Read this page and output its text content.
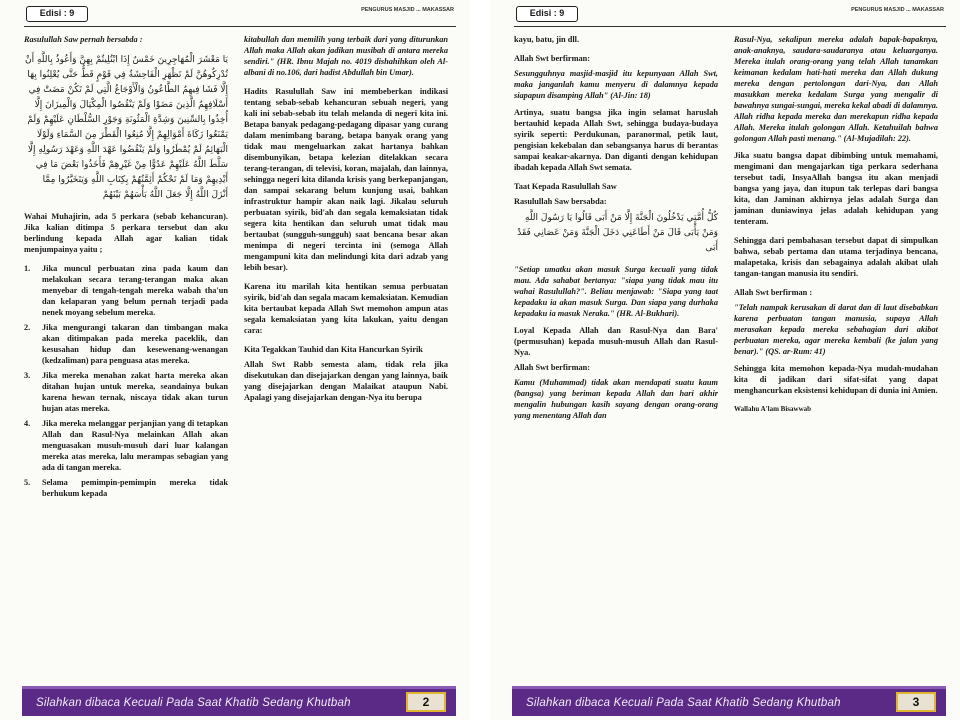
Edisi : 9	PENGURUS MASJID ... MAKASSAR
Rasulullah Saw pernah bersabda :
يَا مَعْشَرَ الْمُهَاجِرِينَ خَمْسٌ إِذَا ابْتُلِيتُمْ بِهِنَّ وَأَعُوذُ بِاللَّهِ أَنْ تُدْرِكُوهُنَّ لَمْ تَظْهَرِ الْفَاحِشَةُ فِي قَوْمٍ قَطُّ حَتَّى يُعْلِنُوا بِهَا إِلَّا فَشَا فِيهِمُ الطَّاعُونُ وَالْأَوْجَاعُ الَّتِي لَمْ تَكُنْ مَضَتْ فِي أَسْلَافِهِمُ الَّذِينَ مَضَوْا وَلَمْ يَنْقُصُوا الْمِكْيَالَ وَالْمِيزَانَ إِلَّا أُخِذُوا بِالسِّنِينَ وَشِدَّةِ الْمَئُونَةِ وَجَوْرِ السُّلْطَانِ عَلَيْهِمْ وَلَمْ يَمْنَعُوا زَكَاةَ أَمْوَالِهِمْ إِلَّا مُنِعُوا الْقَطْرَ مِنَ السَّمَاءِ وَلَوْلَا الْبَهَائِمُ لَمْ يُمْطَرُوا وَلَمْ يَنْقُضُوا عَهْدَ اللَّهِ وَعَهْدَ رَسُولِهِ إِلَّا سَلَّطَ اللَّهُ عَلَيْهِمْ عَدُوًّا مِنْ غَيْرِهِمْ فَأَخَذُوا بَعْضَ مَا فِي أَيْدِيهِمْ وَمَا لَمْ تَحْكُمْ أَئِمَّتُهُمْ بِكِتَابِ اللَّهِ وَيَتَخَيَّرُوا مِمَّا أَنْزَلَ اللَّهُ إِلَّا جَعَلَ اللَّهُ بَأْسَهُمْ بَيْنَهُمْ
Wahai Muhajirin, ada 5 perkara (sebab kehancuran). Jika kalian ditimpa 5 perkara tersebut dan aku berlindung kepada Allah agar kalian tidak menjumpainya yaitu ;
1.	Jika muncul perbuatan zina pada kaum dan melakukan secara terang-terangan maka akan menyebar di tengah-tengah mereka wabah tha'un dan kelaparan yang belum pernah terjadi pada nenek moyang sebelum mereka.
2.	Jika mengurangi takaran dan timbangan maka akan ditimpakan pada mereka paceklik, dan kesusahan hidup dan kesewenang-wenangan (kedzaliman) para penguasa atas mereka.
3.	Jika mereka menahan zakat harta mereka akan ditahan hujan untuk mereka, seandainya bukan karena hewan ternak, niscaya tidak akan turun hujan atas mereka.
4.	Jika mereka melanggar perjanjian yang di tetapkan Allah dan Rasul-Nya melainkan Allah akan menguasakan musuh-musuh dari luar kalangan mereka atas mereka, lalu merampas sebagian yang ada di tangan mereka.
5.	Selama pemimpin-pemimpin mereka tidak berhukum kepada
kitabullah dan memilih yang terbaik dari yang diturunkan Allah maka Allah akan jadikan musibah di antara mereka sendiri." (HR. Ibnu Majah no. 4019 dishahihkan oleh Al-albani di no.106, dari hadist Abdullah bin Umar).
Hadits Rasulullah Saw ini membeberkan indikasi tentang sebab-sebab kehancuran sebuah negeri, yang kali ini sebab-sebab itu telah melanda di negeri kita ini. Betapa banyak pedagang-pedagang dipasar yang curang dalam menimbang barang, betapa banyak orang yang tidak mau mengeluarkan zakat hartanya bahkan disembunyikan, betapa kelezian ditelakkan secara terang-terangan, di televisi, koran, majalah, dan lainnya, sehingga negeri kita dilanda krisis yang berkepanjangan, dan sampai sekarang belum kunjung usai, bahkan infrastruktur hampir akan naik lagi. Jikalau seluruh perbuatan syirik, bid'ah dan segala kemaksiatan tidak segera kita hentikan dan seluruh umat tidak mau bertaubat (sungguh-sungguh) saat bencana besar akan menimpa di negeri tercinta ini (semoga Allah mengampuni kita dan melindungi kita dari adzab yang lebih besar).
Karena itu marilah kita hentikan semua perbuatan syirik, bid'ah dan segala macam kemaksiatan. Kemudian kita bertaubat kepada Allah Swt memohon ampun atas segala kemaksiatan yang kita lakukan, yaitu dengan cara:
Kita Tegakkan Tauhid dan Kita Hancurkan Syirik
Allah Swt Rabb semesta alam, tidak rela jika disekutukan dan disejajarkan dengan yang lainnya, baik yang disejajarkan dengan Malaikat ataupun Nabi. Apalagi yang disejajarkan dengan-Nya itu berupa
Silahkan dibaca Kecuali Pada Saat Khatib Sedang Khutbah	2
Edisi : 9	PENGURUS MASJID ... MAKASSAR
kayu, batu, jin dll.
Allah Swt berfirman:
Sesungguhnya masjid-masjid itu kepunyaan Allah Swt, maka janganlah kamu menyeru di dalamnya kepada siapapun disamping Allah" (Al-Jin: 18)
Artinya, suatu bangsa jika ingin selamat haruslah bertauhid kepada Allah Swt, sehingga budaya-budaya syirik seperti: Perdukunan, paranormal, petik laut, pengisian kekebalan dan sebangsanya harus di berantas sampai keakar-akarnya. Dan diganti dengan kehidupan ibadah kepada Allah Swt semata.
Taat Kepada Rasulullah Saw
Rasulullah Saw bersabda:
كُلُّ أُمَّتِي يَدْخُلُونَ الْجَنَّةَ إِلَّا مَنْ أَبَى قَالُوا يَا رَسُولَ اللَّهِ وَمَنْ يَأْبَى قَالَ مَنْ أَطَاعَنِي دَخَلَ الْجَنَّةَ وَمَنْ عَصَانِي فَقَدْ أَبَى
"Setiap umatku akan masuk Surga kecuali yang tidak mau. Ada sahabat bertanya: "siapa yang tidak mau itu wahai Rasulullah?". Beliau menjawab: "Siapa yang taat kepadaku ia akan masuk Surga. Dan siapa yang durhaka kepadaku ia masuk Neraka." (HR. Al-Bukhari).
Loyal Kepada Allah dan Rasul-Nya dan Bara' (permusuhan) kepada musuh-musuh Allah dan Rasul-Nya.
Allah Swt berfirman:
Kamu (Muhammad) tidak akan mendapati suatu kaum (bangsa) yang beriman kepada Allah dan hari akhir mengalin hubungan kasih sayang dengan orang-orang yang menentang Allah dan
Rasul-Nya, sekalipun mereka adalah bapak-bapaknya, anak-anaknya, saudara-saudaranya atau keluarganya. Mereka itulah orang-orang yang telah Allah tanamkan keimanan kedalam hati-hati mereka dan Allah dukung mereka dengan pertolongan dari-Nya, dan Allah masukkan mereka kedalam Surga yang mengalir di bawahnya sungai-sungai, mereka kekal abadi di dalamnya. Allah ridha kepada mereka dan merekapun ridha kepada Allah. Mereka itulah golongan Allah. Ketahuilah bahwa golongan Allah pasti menang." (Al-Mujadilah: 22).
Jika suatu bangsa dapat dibimbing untuk memahami, mengimani dan mengajarkan tiga perkara sederhana tersebut tadi, InsyaAllah bangsa itu akan menjadi bangsa yang jaya, dan itupun tak terlepas dari bangsa kita, dan Jaminan akhirnya jelas adalah Surga dan jaminan duniawinya jelas adalah kehidupan yang tenteram.
Sehingga dari pembahasan tersebut dapat di simpulkan bahwa, sebab pertama dan utama terjadinya bencana, malapetaka, krisis dan sebagainya adalah akibat ulah tangan-tangan manusia itu sendiri.
Allah Swt berfirman :
"Telah nampak kerusakan di darat dan di laut disebabkan karena perbuatan tangan manusia, supaya Allah merasakan kepada mereka sebahagian dari akibat perbuatan mereka, agar mereka kembali (ke jalan yang benar)." (QS. ar-Rum: 41)
Sehingga kita memohon kepada-Nya mudah-mudahan kita di jadikan dari sifat-sifat yang dapat menghancurkan eksistensi kehidupan di dunia ini Amien.
Wallahu A'lam Bisawwab
Silahkan dibaca Kecuali Pada Saat Khatib Sedang Khutbah	3
